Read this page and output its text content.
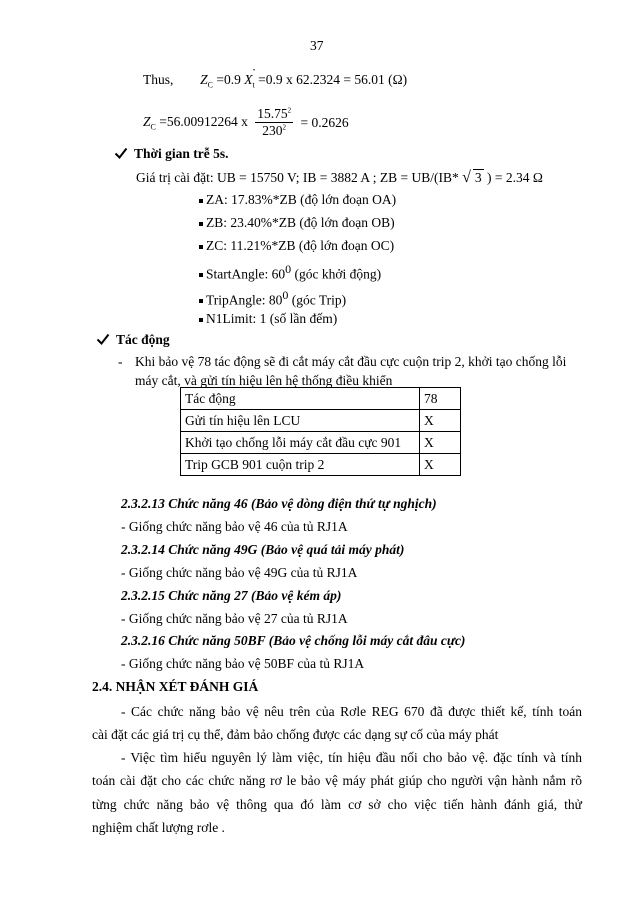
37
Thus, $Z_C =0.9$ X "
$_t$ =0.9 x 62.2324 = 56.01 (Ω)
$Z_C =56.00912264$ x $\frac{15.75^2}{230^2} = 0.2626$
Thời gian trễ 5s.
Giá trị cài đặt: UB = 15750 V; IB = 3882 A ; ZB = UB/(IB* √ 3 ) = 2.34 Ω
ZA: 17.83%*ZB (độ lớn đoạn OA)
ZB: 23.40%*ZB (độ lớn đoạn OB)
ZC: 11.21%*ZB (độ lớn đoạn OC)
StartAngle: $60^0$ (góc khởi động)
TripAngle: $80^0$ (góc Trip)
N1Limit: 1 (số lần đếm)
Tác động
- Khi bảo vệ 78 tác động sẽ đi cắt máy cắt đầu cực cuộn trip 2, khởi tạo chống lỗi
máy cắt, và gửi tín hiệu lên hệ thống điều khiển
Tác động	78
Gửi tín hiệu lên LCU	X
Khởi tạo chống lỗi máy cắt đầu cực 901	X
Trip GCB 901 cuộn trip 2	X
2.3.2.13 Chức năng 46 (Bảo vệ dòng điện thứ tự nghịch)
- Giống chức năng bảo vệ 46 của tủ RJ1A
2.3.2.14 Chức năng 49G (Bảo vệ quá tải máy phát)
- Giống chức năng bảo vệ 49G của tủ RJ1A
2.3.2.15 Chức năng 27 (Bảo vệ kém áp)
- Giống chức năng bảo vệ 27 của tủ RJ1A
2.3.2.16 Chức năng 50BF (Bảo vệ chống lỗi máy cắt đâu cực)
- Giống chức năng bảo vệ 50BF của tủ RJ1A
2.4. NHẬN XÉT ĐÁNH GIÁ
- Các chức năng bảo vệ nêu trên của Rơle REG 670 đã được thiết kế, tính toán
cài đặt các giá trị cụ thể, đảm bảo chống được các dạng sự cố của máy phát
- Việc tìm hiểu nguyên lý làm việc, tín hiệu đầu nối cho bảo vệ. đặc tính và tính
toán cài đặt cho các chức năng rơ le bảo vệ máy phát giúp cho người vận hành nắm rõ
từng chức năng bảo vệ thông qua đó làm cơ sở cho việc tiến hành đánh giá, thử
nghiệm chất lượng rơle .
